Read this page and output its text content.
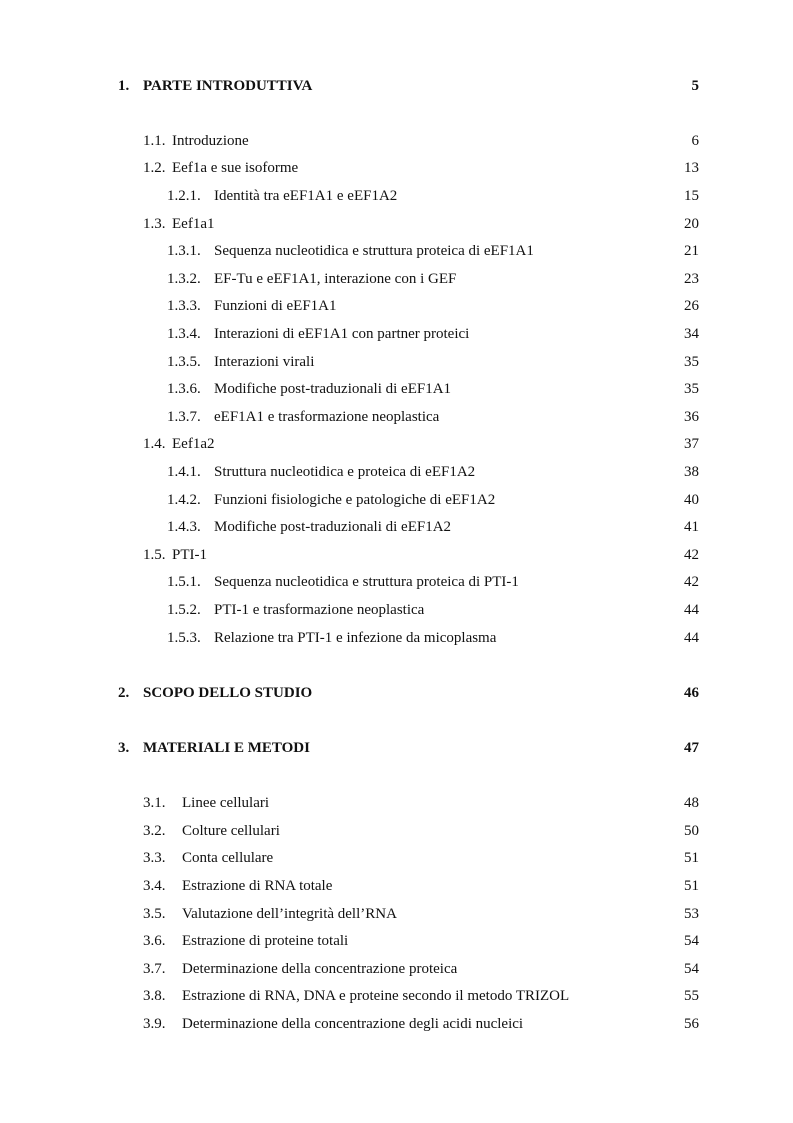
1. PARTE INTRODUTTIVA	5
1.1. Introduzione	6
1.2. Eef1a e sue isoforme	13
1.2.1. Identità tra eEF1A1 e eEF1A2	15
1.3. Eef1a1	20
1.3.1. Sequenza nucleotidica e struttura proteica di eEF1A1	21
1.3.2. EF-Tu e eEF1A1, interazione con i GEF	23
1.3.3. Funzioni di eEF1A1	26
1.3.4. Interazioni di eEF1A1 con partner proteici	34
1.3.5. Interazioni virali	35
1.3.6. Modifiche post-traduzionali di eEF1A1	35
1.3.7. eEF1A1 e trasformazione neoplastica	36
1.4. Eef1a2	37
1.4.1. Struttura nucleotidica e proteica di eEF1A2	38
1.4.2. Funzioni fisiologiche e patologiche di eEF1A2	40
1.4.3. Modifiche post-traduzionali di eEF1A2	41
1.5. PTI-1	42
1.5.1. Sequenza nucleotidica e struttura proteica di PTI-1	42
1.5.2. PTI-1 e trasformazione neoplastica	44
1.5.3. Relazione tra PTI-1 e infezione da micoplasma	44
2. SCOPO DELLO STUDIO	46
3. MATERIALI E METODI	47
3.1. Linee cellulari	48
3.2. Colture cellulari	50
3.3. Conta cellulare	51
3.4. Estrazione di RNA totale	51
3.5. Valutazione dell’integrità dell’RNA	53
3.6. Estrazione di proteine totali	54
3.7. Determinazione della concentrazione proteica	54
3.8. Estrazione di RNA, DNA e proteine secondo il metodo TRIZOL	55
3.9. Determinazione della concentrazione degli acidi nucleici	56
